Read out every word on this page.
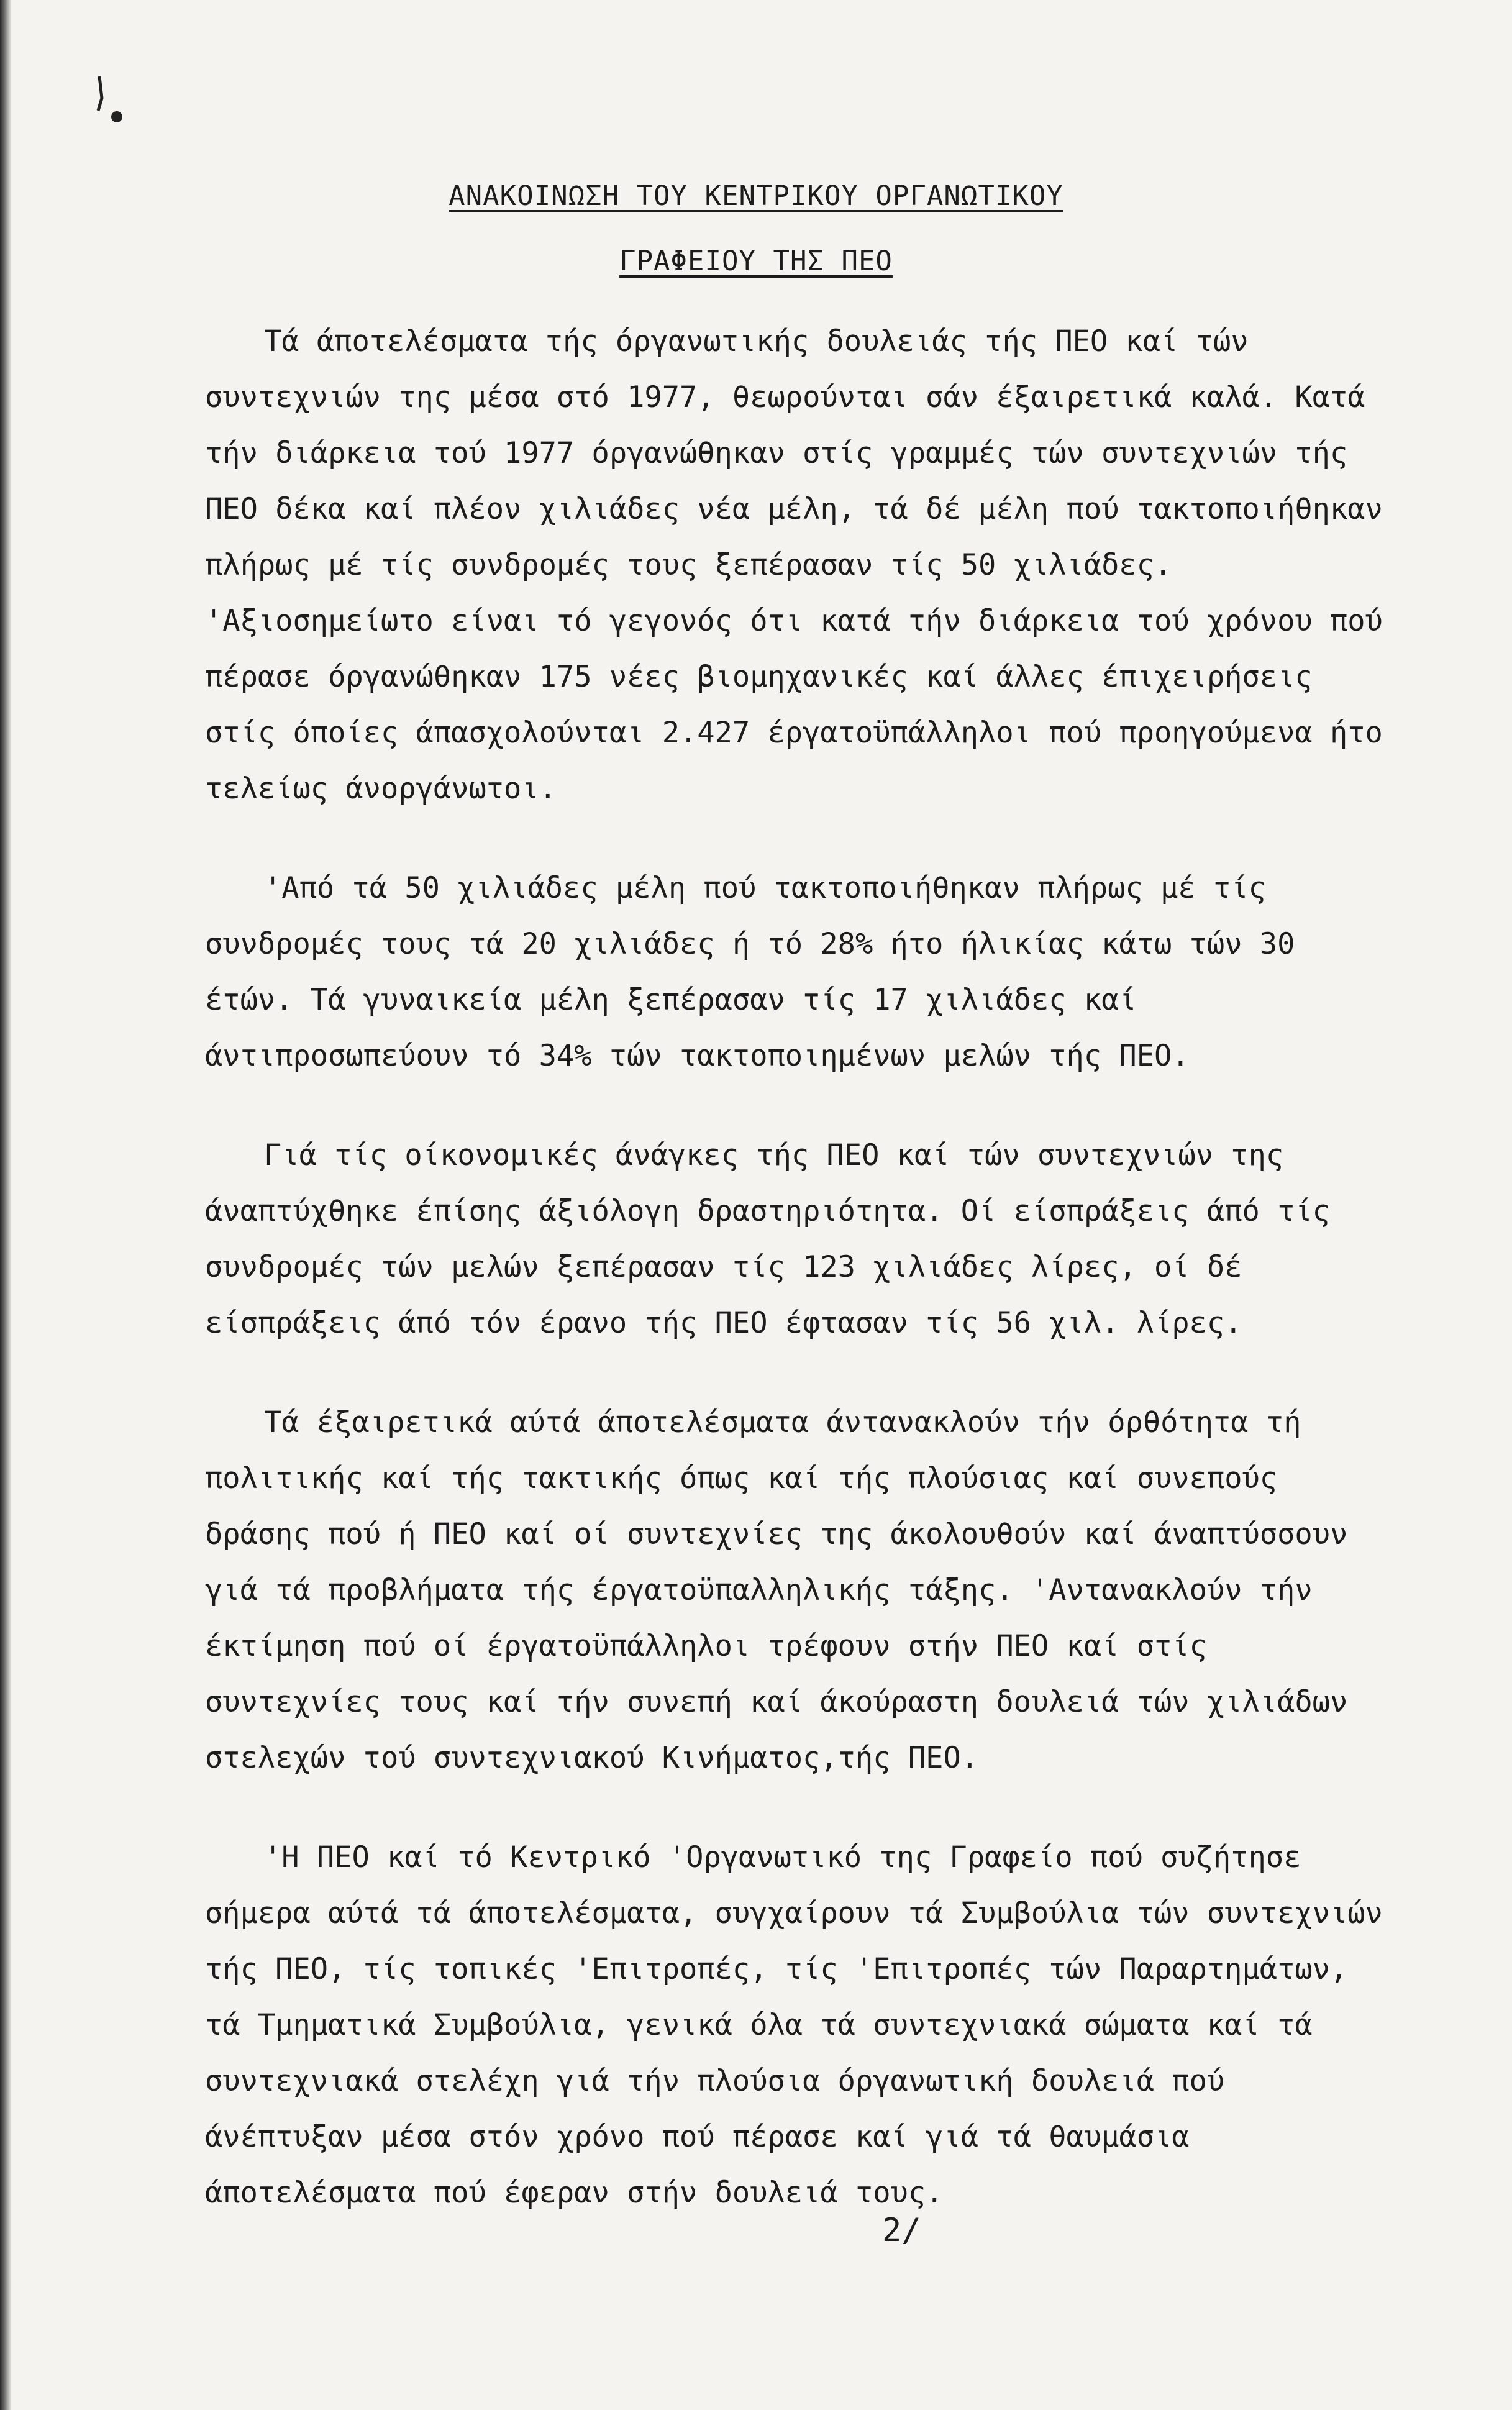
ΑΝΑΚΟΙΝΩΣΗ ΤΟΥ ΚΕΝΤΡΙΚΟΥ ΟΡΓΑΝΩΤΙΚΟΥ
ΓΡΑΦΕΙΟΥ ΤΗΣ ΠΕΟ

Τά άποτελέσματα τής όργανωτικής δουλειάς τής ΠΕΟ καί τών συντεχνιών της μέσα στό 1977, θεωρούνται σάν έξαιρετικά καλά. Κατά τήν διάρκεια τού 1977 όργανώθηκαν στίς γραμμές τών συντεχνιών τής ΠΕΟ δέκα καί πλέον χιλιάδες νέα μέλη, τά δέ μέλη πού τακτοποιήθηκαν πλήρως μέ τίς συνδρομές τους ξεπέρασαν τίς 50 χιλιάδες. 'Αξιοσημείωτο είναι τό γεγονός ότι κατά τήν διάρκεια τού χρόνου πού πέρασε όργανώθηκαν 175 νέες βιομηχανικές καί άλλες έπιχειρήσεις στίς όποίες άπασχολούνται 2.427 έργατοϋπάλληλοι πού προηγούμενα ήτο τελείως άνοργάνωτοι.

'Από τά 50 χιλιάδες μέλη πού τακτοποιήθηκαν πλήρως μέ τίς συνδρομές τους τά 20 χιλιάδες ή τό 28% ήτο ήλικίας κάτω τών 30 έτών. Τά γυναικεία μέλη ξεπέρασαν τίς 17 χιλιάδες καί άντιπροσωπεύουν τό 34% τών τακτοποιημένων μελών τής ΠΕΟ.

Γιά τίς οίκονομικές άνάγκες τής ΠΕΟ καί τών συντεχνιών της άναπτύχθηκε έπίσης άξιόλογη δραστηριότητα. Οί είσπράξεις άπό τίς συνδρομές τών μελών ξεπέρασαν τίς 123 χιλιάδες λίρες, οί δέ είσπράξεις άπό τόν έρανο τής ΠΕΟ έφτασαν τίς 56 χιλ. λίρες.

Τά έξαιρετικά αύτά άποτελέσματα άντανακλούν τήν όρθότητα τή πολιτικής καί τής τακτικής όπως καί τής πλούσιας καί συνεπούς δράσης πού ή ΠΕΟ καί οί συντεχνίες της άκολουθούν καί άναπτύσσουν γιά τά προβλήματα τής έργατοϋπαλληλικής τάξης. 'Αντανακλούν τήν έκτίμηση πού οί έργατοϋπάλληλοι τρέφουν στήν ΠΕΟ καί στίς συντεχνίες τους καί τήν συνεπή καί άκούραστη δουλειά τών χιλιάδων στελεχών τού συντεχνιακού Κινήματος,τής ΠΕΟ.

'Η ΠΕΟ καί τό Κεντρικό 'Οργανωτικό της Γραφείο πού συζήτησε σήμερα αύτά τά άποτελέσματα, συγχαίρουν τά Συμβούλια τών συντεχνιών τής ΠΕΟ, τίς τοπικές 'Επιτροπές, τίς 'Επιτροπές τών Παραρτημάτων, τά Τμηματικά Συμβούλια, γενικά όλα τά συντεχνιακά σώματα καί τά συντεχνιακά στελέχη γιά τήν πλούσια όργανωτική δουλειά πού άνέπτυξαν μέσα στόν χρόνο πού πέρασε καί γιά τά θαυμάσια άποτελέσματα πού έφεραν στήν δουλειά τους.

2/
